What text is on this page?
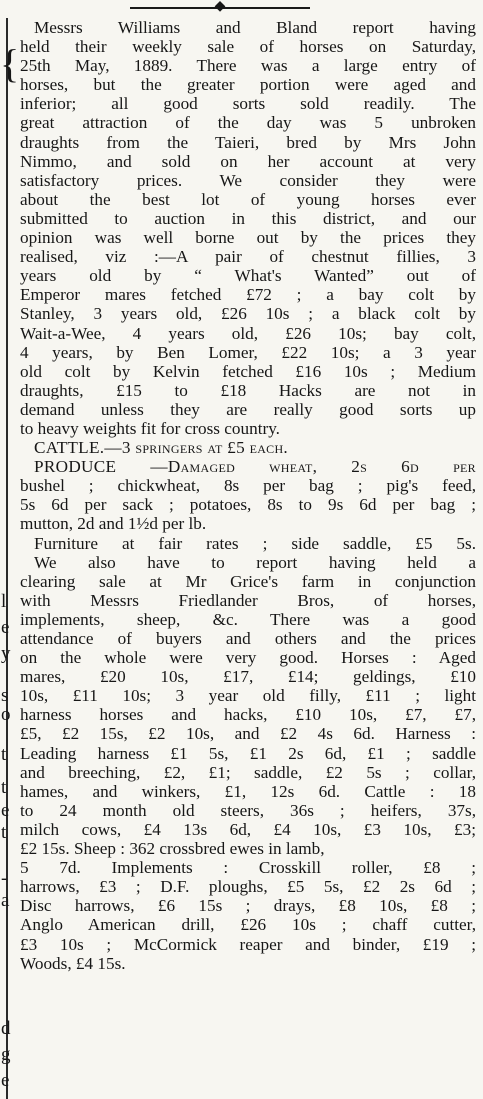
◆
{
l
e
y
s
o
t
t
e
t
-
a
d
g
e
Messrs Williams and Bland report having
held their weekly sale of horses on Saturday,
25th May, 1889. There was a large entry of
horses, but the greater portion were aged and
inferior; all good sorts sold readily. The
great attraction of the day was 5 unbroken
draughts from the Taieri, bred by Mrs John
Nimmo, and sold on her account at very
satisfactory prices. We consider they were
about the best lot of young horses ever
submitted to auction in this district, and our
opinion was well borne out by the prices they
realised, viz :—A pair of chestnut fillies, 3
years old by “ What's Wanted” out of
Emperor mares fetched £72 ; a bay colt by
Stanley, 3 years old, £26 10s ; a black colt by
Wait-a-Wee, 4 years old, £26 10s; bay colt,
4 years, by Ben Lomer, £22 10s; a 3 year
old colt by Kelvin fetched £16 10s ; Medium
draughts, £15 to £18 Hacks are not in
demand unless they are really good sorts up
to heavy weights fit for cross country.
CATTLE.—3 springers at £5 each.
PRODUCE —Damaged wheat, 2s 6d per
bushel ; chickwheat, 8s per bag ; pig's feed,
5s 6d per sack ; potatoes, 8s to 9s 6d per bag ;
mutton, 2d and 1½d per lb.
Furniture at fair rates ; side saddle, £5 5s.
We also have to report having held a
clearing sale at Mr Grice's farm in conjunction
with Messrs Friedlander Bros, of horses,
implements, sheep, &c. There was a good
attendance of buyers and others and the prices
on the whole were very good. Horses : Aged
mares, £20 10s, £17, £14; geldings, £10
10s, £11 10s; 3 year old filly, £11 ; light
harness horses and hacks, £10 10s, £7, £7,
£5, £2 15s, £2 10s, and £2 4s 6d. Harness :
Leading harness £1 5s, £1 2s 6d, £1 ; saddle
and breeching, £2, £1; saddle, £2 5s ; collar,
hames, and winkers, £1, 12s 6d. Cattle : 18
to 24 month old steers, 36s ; heifers, 37s,
milch cows, £4 13s 6d, £4 10s, £3 10s, £3;
£2 15s. Sheep : 362 crossbred ewes in lamb,
5 7d. Implements : Crosskill roller, £8 ;
harrows, £3 ; D.F. ploughs, £5 5s, £2 2s 6d ;
Disc harrows, £6 15s ; drays, £8 10s, £8 ;
Anglo American drill, £26 10s ; chaff cutter,
£3 10s ; McCormick reaper and binder, £19 ;
Woods, £4 15s.
